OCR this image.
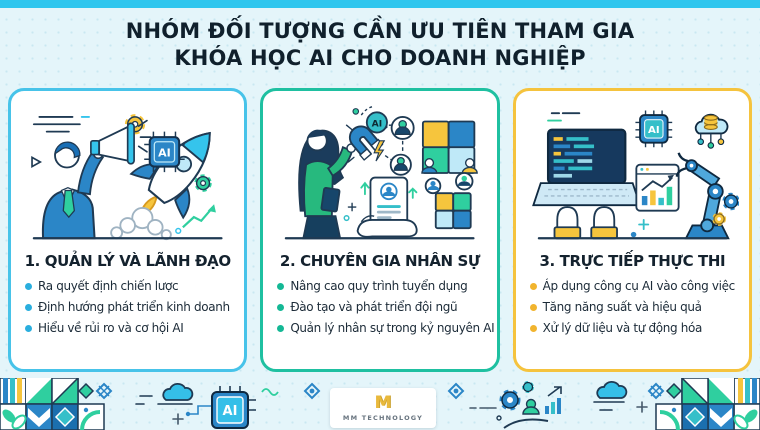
NHÓM ĐỐI TƯỢNG CẦN ƯU TIÊN THAM GIA
KHÓA HỌC AI CHO DOANH NGHIỆP
AI
1. QUẢN LÝ VÀ LÃNH ĐẠO
Ra quyết định chiến lược
Định hướng phát triển kinh doanh
Hiểu về rủi ro và cơ hội AI
AI
2. CHUYÊN GIA NHÂN SỰ
Nâng cao quy trình tuyển dụng
Đào tạo và phát triển đội ngũ
Quản lý nhân sự trong kỷ nguyên AI
AI
3. TRỰC TIẾP THỰC THI
Áp dụng công cụ AI vào công việc
Tăng năng suất và hiệu quả
Xử lý dữ liệu và tự động hóa
AI	M
MM TECHNOLOGY
